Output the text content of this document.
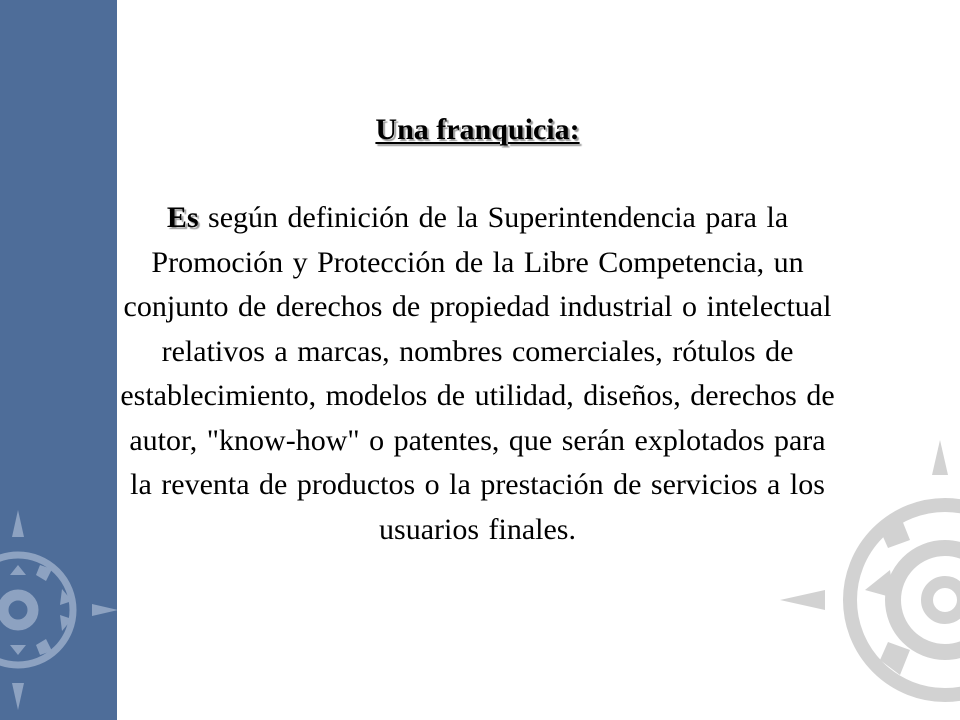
Una franquicia:

Es según definición de la Superintendencia para la Promoción y Protección de la Libre Competencia, un conjunto de derechos de propiedad industrial o intelectual relativos a marcas, nombres comerciales, rótulos de establecimiento, modelos de utilidad, diseños, derechos de autor, "know-how" o patentes, que serán explotados para la reventa de productos o la prestación de servicios a los usuarios finales.
